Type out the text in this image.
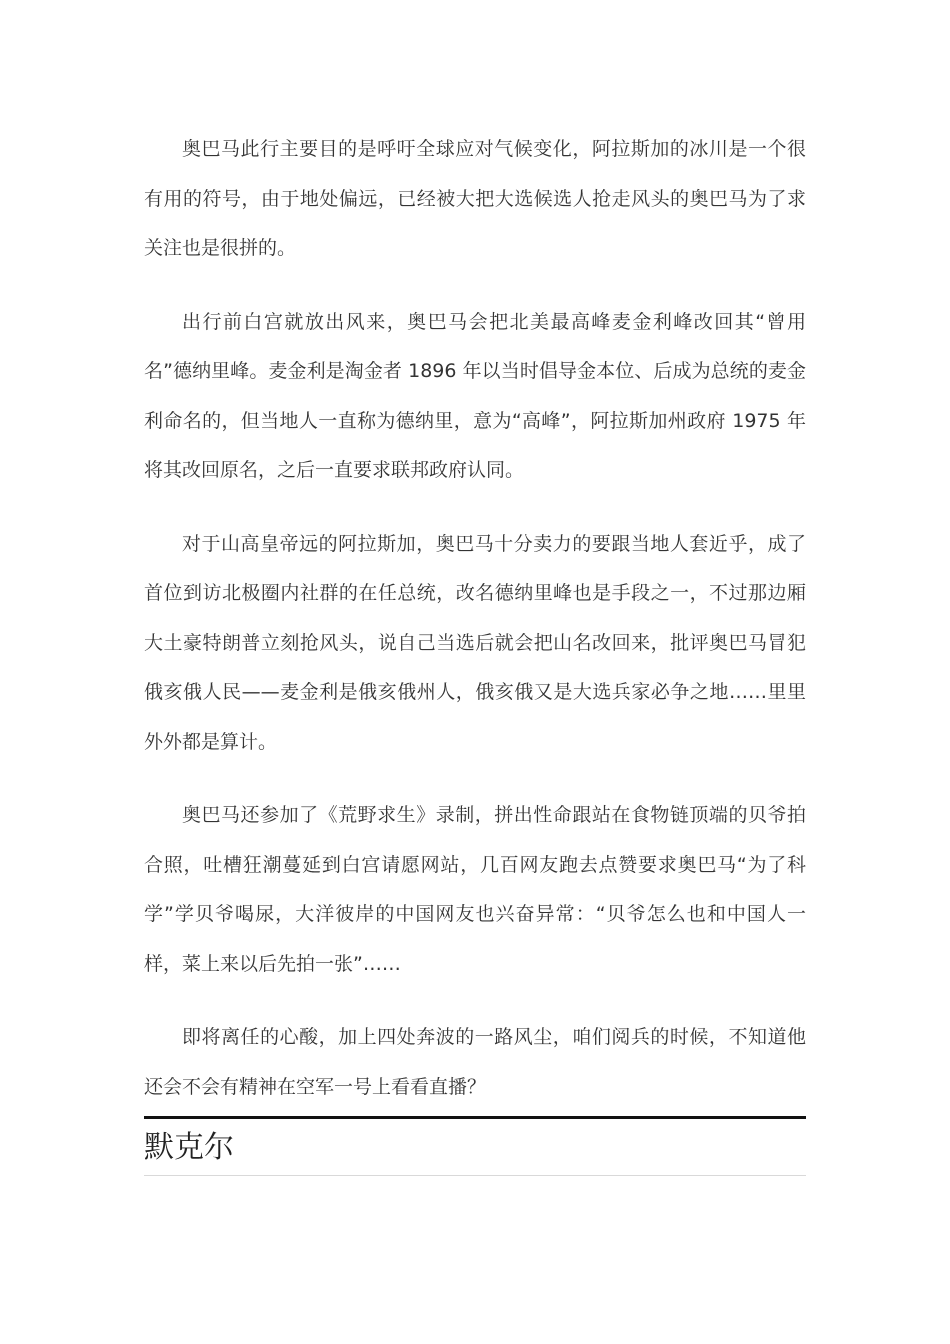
奥巴马此行主要目的是呼吁全球应对气候变化，阿拉斯加的冰川是一个很有用的符号，由于地处偏远，已经被大把大选候选人抢走风头的奥巴马为了求关注也是很拼的。

出行前白宫就放出风来，奥巴马会把北美最高峰麦金利峰改回其“曾用名”德纳里峰。麦金利是淘金者 1896 年以当时倡导金本位、后成为总统的麦金利命名的，但当地人一直称为德纳里，意为“高峰”，阿拉斯加州政府 1975 年将其改回原名，之后一直要求联邦政府认同。

对于山高皇帝远的阿拉斯加，奥巴马十分卖力的要跟当地人套近乎，成了首位到访北极圈内社群的在任总统，改名德纳里峰也是手段之一，不过那边厢大土豪特朗普立刻抢风头，说自己当选后就会把山名改回来，批评奥巴马冒犯俄亥俄人民——麦金利是俄亥俄州人，俄亥俄又是大选兵家必争之地……里里外外都是算计。

奥巴马还参加了《荒野求生》录制，拼出性命跟站在食物链顶端的贝爷拍合照，吐槽狂潮蔓延到白宫请愿网站，几百网友跑去点赞要求奥巴马“为了科学”学贝爷喝尿，大洋彼岸的中国网友也兴奋异常：“贝爷怎么也和中国人一样，菜上来以后先拍一张”……

即将离任的心酸，加上四处奔波的一路风尘，咱们阅兵的时候，不知道他还会不会有精神在空军一号上看看直播？

默克尔
